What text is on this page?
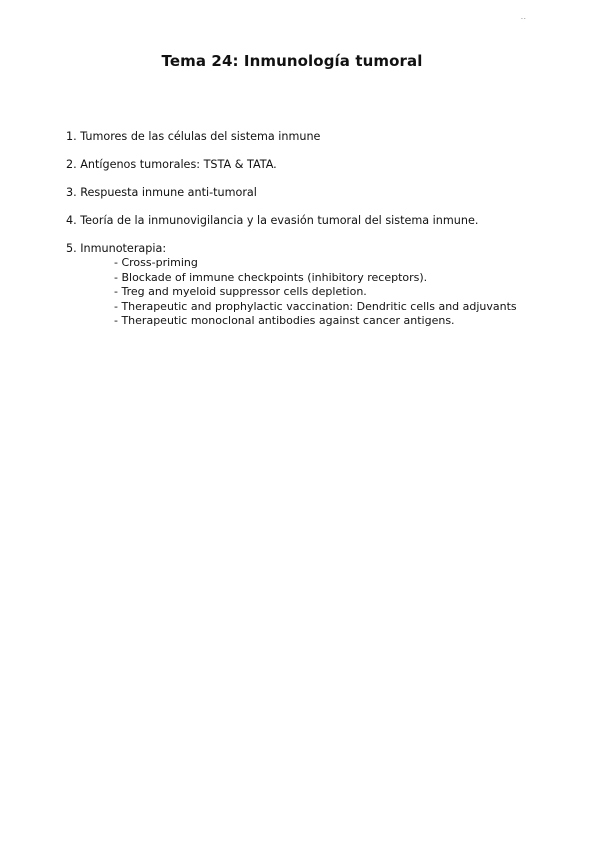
..
Tema 24: Inmunología tumoral
1. Tumores de las células del sistema inmune
2. Antígenos tumorales: TSTA & TATA.
3. Respuesta inmune anti-tumoral
4. Teoría de la inmunovigilancia y la evasión tumoral del sistema inmune.
5. Inmunoterapia:
- Cross-priming
- Blockade of immune checkpoints (inhibitory receptors).
- Treg and myeloid suppressor cells depletion.
- Therapeutic and prophylactic vaccination: Dendritic cells and adjuvants
- Therapeutic monoclonal antibodies against cancer antigens.
